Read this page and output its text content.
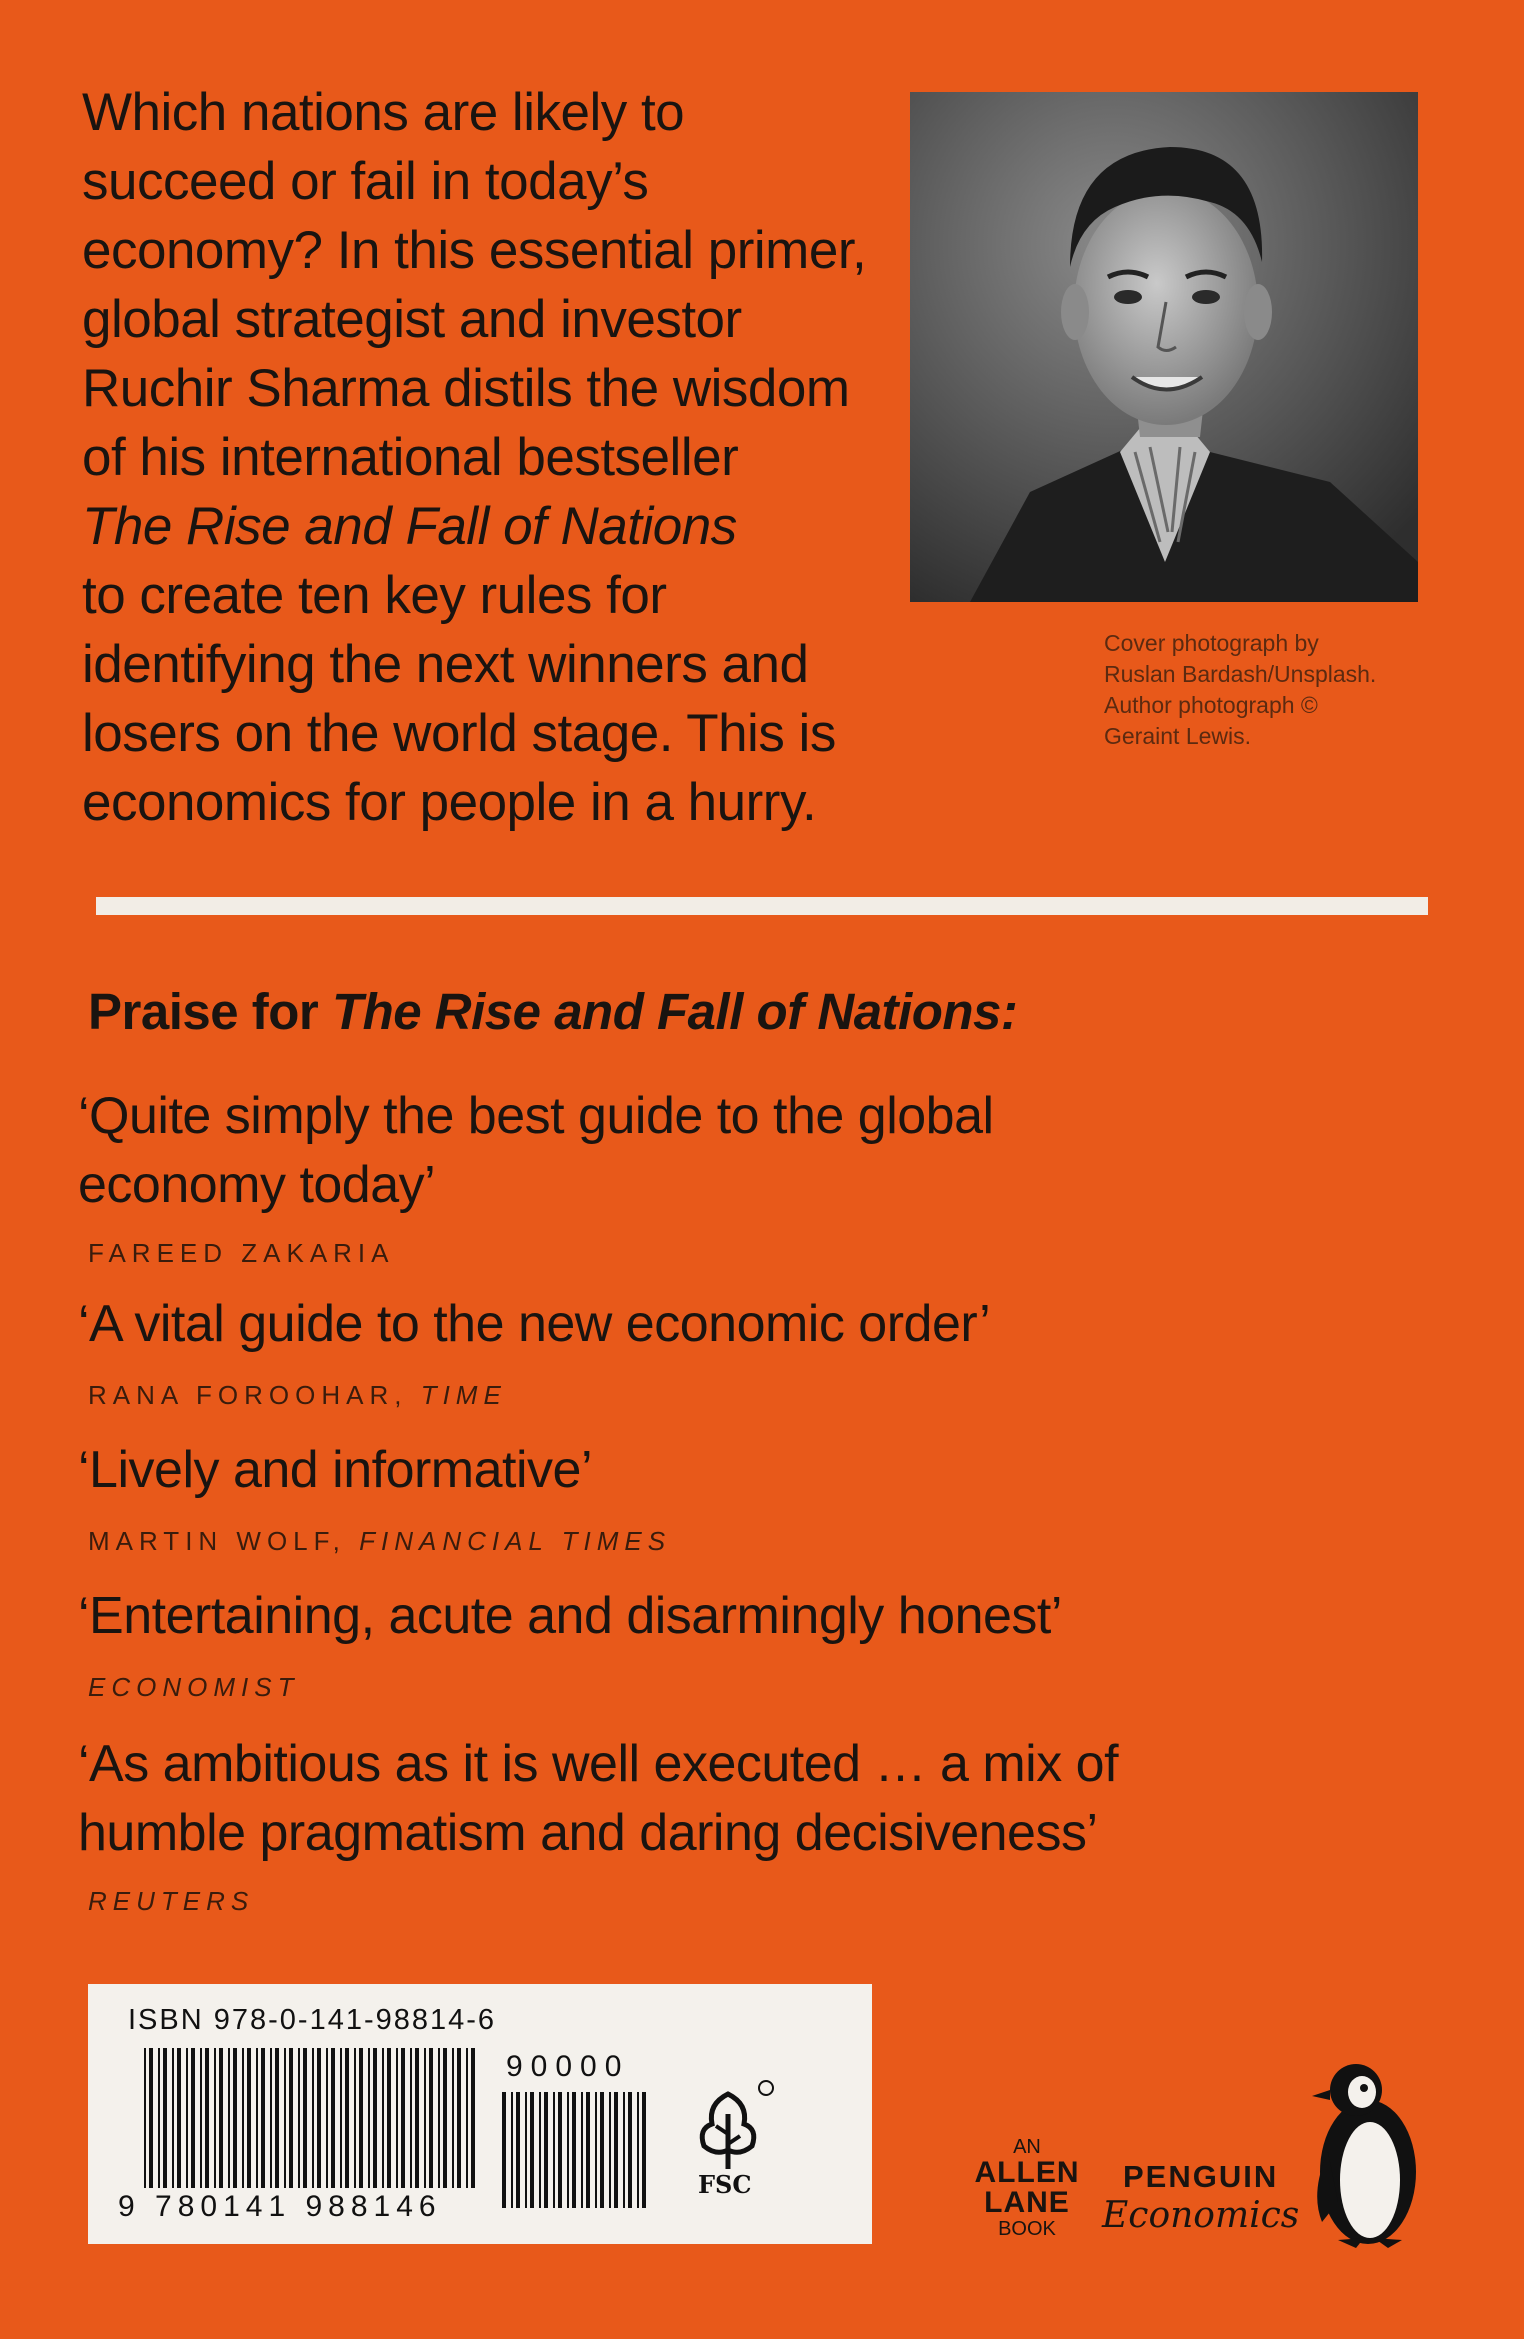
Which nations are likely to
succeed or fail in today’s
economy? In this essential primer,
global strategist and investor
Ruchir Sharma distils the wisdom
of his international bestseller
The Rise and Fall of Nations
to create ten key rules for
identifying the next winners and
losers on the world stage. This is
economics for people in a hurry.
Cover photograph by
Ruslan Bardash/Unsplash.
Author photograph ©
Geraint Lewis.
Praise for The Rise and Fall of Nations:
‘Quite simply the best guide to the global
economy today’
FAREED ZAKARIA
‘A vital guide to the new economic order’
RANA FOROOHAR, TIME
‘Lively and informative’
MARTIN WOLF, FINANCIAL TIMES
‘Entertaining, acute and disarmingly honest’
ECONOMIST
‘As ambitious as it is well executed … a mix of
humble pragmatism and daring decisiveness’
REUTERS
ISBN 978-0-141-98814-6
9 780141 988146
90000
FSC
AN
ALLEN
LANE
BOOK
PENGUIN
Economics
